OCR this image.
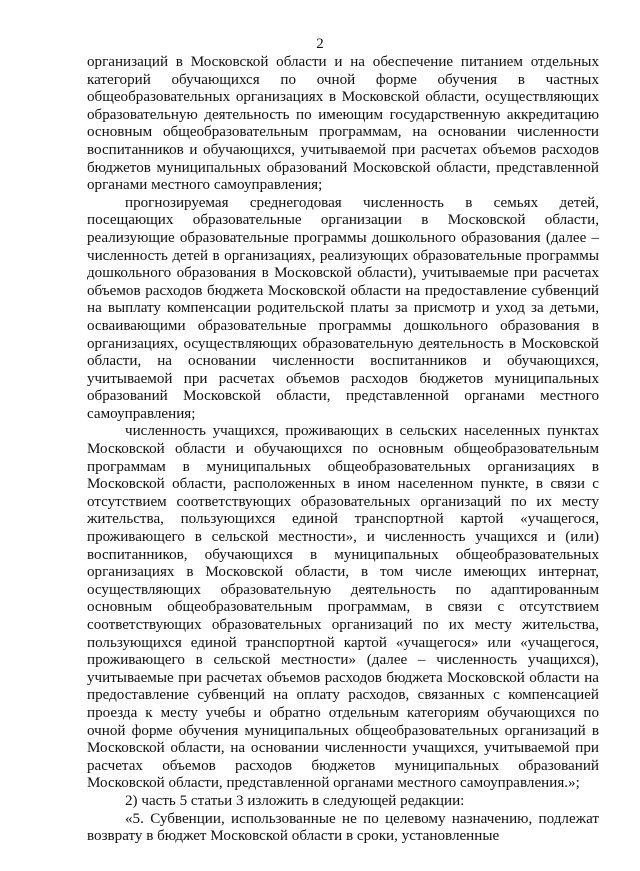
2

организаций в Московской области и на обеспечение питанием отдельных категорий обучающихся по очной форме обучения в частных общеобразовательных организациях в Московской области, осуществляющих образовательную деятельность по имеющим государственную аккредитацию основным общеобразовательным программам, на основании численности воспитанников и обучающихся, учитываемой при расчетах объемов расходов бюджетов муниципальных образований Московской области, представленной органами местного самоуправления;

прогнозируемая среднегодовая численность в семьях детей, посещающих образовательные организации в Московской области, реализующие образовательные программы дошкольного образования (далее – численность детей в организациях, реализующих образовательные программы дошкольного образования в Московской области), учитываемые при расчетах объемов расходов бюджета Московской области на предоставление субвенций на выплату компенсации родительской платы за присмотр и уход за детьми, осваивающими образовательные программы дошкольного образования в организациях, осуществляющих образовательную деятельность в Московской области, на основании численности воспитанников и обучающихся, учитываемой при расчетах объемов расходов бюджетов муниципальных образований Московской области, представленной органами местного самоуправления;

численность учащихся, проживающих в сельских населенных пунктах Московской области и обучающихся по основным общеобразовательным программам в муниципальных общеобразовательных организациях в Московской области, расположенных в ином населенном пункте, в связи с отсутствием соответствующих образовательных организаций по их месту жительства, пользующихся единой транспортной картой «учащегося, проживающего в сельской местности», и численность учащихся и (или) воспитанников, обучающихся в муниципальных общеобразовательных организациях в Московской области, в том числе имеющих интернат, осуществляющих образовательную деятельность по адаптированным основным общеобразовательным программам, в связи с отсутствием соответствующих образовательных организаций по их месту жительства, пользующихся единой транспортной картой «учащегося» или «учащегося, проживающего в сельской местности» (далее – численность учащихся), учитываемые при расчетах объемов расходов бюджета Московской области на предоставление субвенций на оплату расходов, связанных с компенсацией проезда к месту учебы и обратно отдельным категориям обучающихся по очной форме обучения муниципальных общеобразовательных организаций в Московской области, на основании численности учащихся, учитываемой при расчетах объемов расходов бюджетов муниципальных образований Московской области, представленной органами местного самоуправления.»;

2) часть 5 статьи 3 изложить в следующей редакции:

«5. Субвенции, использованные не по целевому назначению, подлежат возврату в бюджет Московской области в сроки, установленные
